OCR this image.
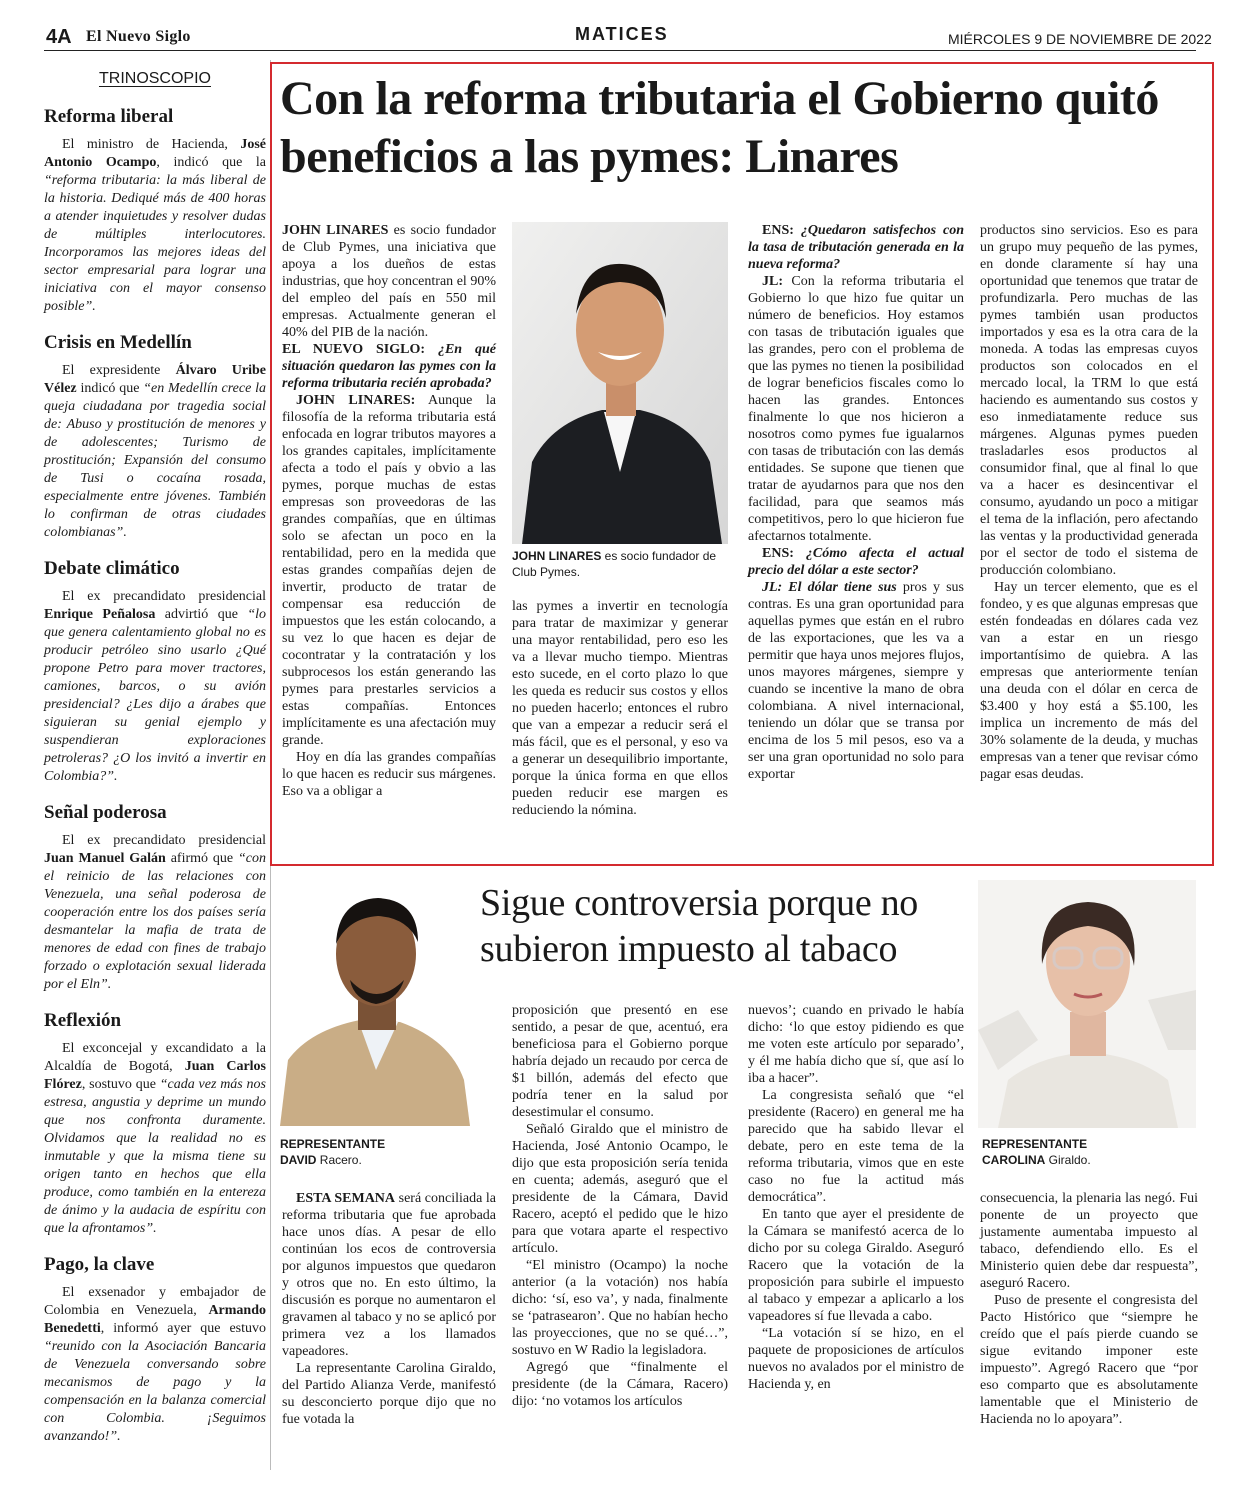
4A El Nuevo Siglo	MATICES	MIÉRCOLES 9 DE NOVIEMBRE DE 2022
TRINOSCOPIO
Reforma liberal
El ministro de Hacienda, José Antonio Ocampo, indicó que la “reforma tributaria: la más liberal de la historia. Dediqué más de 400 horas a atender inquietudes y resolver dudas de múltiples interlocutores. Incorporamos las mejores ideas del sector empresarial para lograr una iniciativa con el mayor consenso posible”.
Crisis en Medellín
El expresidente Álvaro Uribe Vélez indicó que “en Medellín crece la queja ciudadana por tragedia social de: Abuso y prostitución de menores y de adolescentes; Turismo de prostitución; Expansión del consumo de Tusi o cocaína rosada, especialmente entre jóvenes. También lo confirman de otras ciudades colombianas”.
Debate climático
El ex precandidato presidencial Enrique Peñalosa advirtió que “lo que genera calentamiento global no es producir petróleo sino usarlo ¿Qué propone Petro para mover tractores, camiones, barcos, o su avión presidencial? ¿Les dijo a árabes que siguieran su genial ejemplo y suspendieran exploraciones petroleras? ¿O los invitó a invertir en Colombia?”.
Señal poderosa
El ex precandidato presidencial Juan Manuel Galán afirmó que “con el reinicio de las relaciones con Venezuela, una señal poderosa de cooperación entre los dos países sería desmantelar la mafia de trata de menores de edad con fines de trabajo forzado o explotación sexual liderada por el Eln”.
Reflexión
El exconcejal y excandidato a la Alcaldía de Bogotá, Juan Carlos Flórez, sostuvo que “cada vez más nos estresa, angustia y deprime un mundo que nos confronta duramente. Olvidamos que la realidad no es inmutable y que la misma tiene su origen tanto en hechos que ella produce, como también en la entereza de ánimo y la audacia de espíritu con que la afrontamos”.
Pago, la clave
El exsenador y embajador de Colombia en Venezuela, Armando Benedetti, informó ayer que estuvo “reunido con la Asociación Bancaria de Venezuela conversando sobre mecanismos de pago y la compensación en la balanza comercial con Colombia. ¡Seguimos avanzando!”.
Con la reforma tributaria el Gobierno quitó beneficios a las pymes: Linares

JOHN LINARES es socio fundador de Club Pymes, una iniciativa que apoya a los dueños de estas industrias, que hoy concentran el 90% del empleo del país en 550 mil empresas. Actualmente generan el 40% del PIB de la nación.

EL NUEVO SIGLO: ¿En qué situación quedaron las pymes con la reforma tributaria recién aprobada?

JOHN LINARES: Aunque la filosofía de la reforma tributaria está enfocada en lograr tributos mayores a los grandes capitales, implícitamente afecta a todo el país y obvio a las pymes, porque muchas de estas empresas son proveedoras de las grandes compañías, que en últimas solo se afectan un poco en la rentabilidad, pero en la medida que estas grandes compañías dejen de invertir, producto de tratar de compensar esa reducción de impuestos que les están colocando, a su vez lo que hacen es dejar de cocontratar y la contratación y los subprocesos los están generando las pymes para prestarles servicios a estas compañías. Entonces implícitamente es una afectación muy grande.

Hoy en día las grandes compañías lo que hacen es reducir sus márgenes. Eso va a obligar a

JOHN LINARES es socio fundador de Club Pymes.

las pymes a invertir en tecnología para tratar de maximizar y generar una mayor rentabilidad, pero eso les va a llevar mucho tiempo. Mientras esto sucede, en el corto plazo lo que les queda es reducir sus costos y ellos no pueden hacerlo; entonces el rubro que van a empezar a reducir será el más fácil, que es el personal, y eso va a generar un desequilibrio importante, porque la única forma en que ellos pueden reducir ese margen es reduciendo la nómina.

ENS: ¿Quedaron satisfechos con la tasa de tributación generada en la nueva reforma?

JL: Con la reforma tributaria el Gobierno lo que hizo fue quitar un número de beneficios. Hoy estamos con tasas de tributación iguales que las grandes, pero con el problema de que las pymes no tienen la posibilidad de lograr beneficios fiscales como lo hacen las grandes. Entonces finalmente lo que nos hicieron a nosotros como pymes fue igualarnos con tasas de tributación con las demás entidades. Se supone que tienen que tratar de ayudarnos para que nos den facilidad, para que seamos más competitivos, pero lo que hicieron fue afectarnos totalmente.

ENS: ¿Cómo afecta el actual precio del dólar a este sector?

JL: El dólar tiene sus pros y sus contras. Es una gran oportunidad para aquellas pymes que están en el rubro de las exportaciones, que les va a permitir que haya unos mejores flujos, unos mayores márgenes, siempre y cuando se incentive la mano de obra colombiana. A nivel internacional, teniendo un dólar que se transa por encima de los 5 mil pesos, eso va a ser una gran oportunidad no solo para exportar

productos sino servicios. Eso es para un grupo muy pequeño de las pymes, en donde claramente sí hay una oportunidad que tenemos que tratar de profundizarla. Pero muchas de las pymes también usan productos importados y esa es la otra cara de la moneda. A todas las empresas cuyos productos son colocados en el mercado local, la TRM lo que está haciendo es aumentando sus costos y eso inmediatamente reduce sus márgenes. Algunas pymes pueden trasladarles esos productos al consumidor final, que al final lo que va a hacer es desincentivar el consumo, ayudando un poco a mitigar el tema de la inflación, pero afectando las ventas y la productividad generada por el sector de todo el sistema de producción colombiano.

Hay un tercer elemento, que es el fondeo, y es que algunas empresas que estén fondeadas en dólares cada vez van a estar en un riesgo importantísimo de quiebra. A las empresas que anteriormente tenían una deuda con el dólar en cerca de $3.400 y hoy está a $5.100, les implica un incremento de más del 30% solamente de la deuda, y muchas empresas van a tener que revisar cómo pagar esas deudas.

Sigue controversia porque no subieron impuesto al tabaco
REPRESENTANTE
DAVID Racero.
REPRESENTANTE
CAROLINA Giraldo.

ESTA SEMANA será conciliada la reforma tributaria que fue aprobada hace unos días. A pesar de ello continúan los ecos de controversia por algunos impuestos que quedaron y otros que no. En esto último, la discusión es porque no aumentaron el gravamen al tabaco y no se aplicó por primera vez a los llamados vapeadores.

La representante Carolina Giraldo, del Partido Alianza Verde, manifestó su desconcierto porque dijo que no fue votada la

proposición que presentó en ese sentido, a pesar de que, acentuó, era beneficiosa para el Gobierno porque habría dejado un recaudo por cerca de $1 billón, además del efecto que podría tener en la salud por desestimular el consumo.

Señaló Giraldo que el ministro de Hacienda, José Antonio Ocampo, le dijo que esta proposición sería tenida en cuenta; además, aseguró que el presidente de la Cámara, David Racero, aceptó el pedido que le hizo para que votara aparte el respectivo artículo.

“El ministro (Ocampo) la noche anterior (a la votación) nos había dicho: ‘sí, eso va’, y nada, finalmente se ‘patrasearon’. Que no habían hecho las proyecciones, que no se qué…”, sostuvo en W Radio la legisladora.

Agregó que “finalmente el presidente (de la Cámara, Racero) dijo: ‘no votamos los artículos

nuevos’; cuando en privado le había dicho: ‘lo que estoy pidiendo es que me voten este artículo por separado’, y él me había dicho que sí, que así lo iba a hacer”.

La congresista señaló que “el presidente (Racero) en general me ha parecido que ha sabido llevar el debate, pero en este tema de la reforma tributaria, vimos que en este caso no fue la actitud más democrática”.

En tanto que ayer el presidente de la Cámara se manifestó acerca de lo dicho por su colega Giraldo. Aseguró Racero que la votación de la proposición para subirle el impuesto al tabaco y empezar a aplicarlo a los vapeadores sí fue llevada a cabo.

“La votación sí se hizo, en el paquete de proposiciones de artículos nuevos no avalados por el ministro de Hacienda y, en

consecuencia, la plenaria las negó. Fui ponente de un proyecto que justamente aumentaba impuesto al tabaco, defendiendo ello. Es el Ministerio quien debe dar respuesta”, aseguró Racero.

Puso de presente el congresista del Pacto Histórico que “siempre he creído que el país pierde cuando se sigue evitando imponer este impuesto”. Agregó Racero que “por eso comparto que es absolutamente lamentable que el Ministerio de Hacienda no lo apoyara”.
